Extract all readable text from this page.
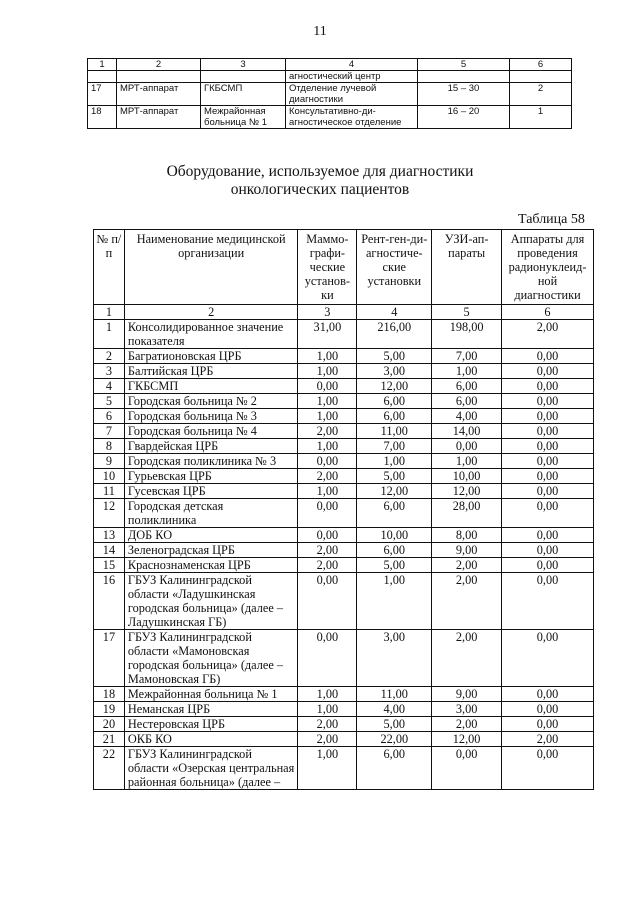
11
1	2	3	4	5	6
			агностический центр		
17	МРТ-аппарат	ГКБСМП	Отделение лучевой диагностики	15 – 30	2
18	МРТ-аппарат	Межрайонная больница № 1	Консультативно-ди-агностическое отделение	16 – 20	1
Оборудование, используемое для диагностики
онкологических пациентов
Таблица 58
№ п/п	Наименование медицинской организации	Маммо-графи-ческие установ-ки	Рент-ген-ди-агностиче-ские установки	УЗИ-ап-параты	Аппараты для проведения радионуклеид-ной диагностики
1	2	3	4	5	6
1	Консолидированное значение показателя	31,00	216,00	198,00	2,00
2	Багратионовская ЦРБ	1,00	5,00	7,00	0,00
3	Балтийская ЦРБ	1,00	3,00	1,00	0,00
4	ГКБСМП	0,00	12,00	6,00	0,00
5	Городская больница № 2	1,00	6,00	6,00	0,00
6	Городская больница № 3	1,00	6,00	4,00	0,00
7	Городская больница № 4	2,00	11,00	14,00	0,00
8	Гвардейская ЦРБ	1,00	7,00	0,00	0,00
9	Городская поликлиника № 3	0,00	1,00	1,00	0,00
10	Гурьевская ЦРБ	2,00	5,00	10,00	0,00
11	Гусевская ЦРБ	1,00	12,00	12,00	0,00
12	Городская детская поликлиника	0,00	6,00	28,00	0,00
13	ДОБ КО	0,00	10,00	8,00	0,00
14	Зеленоградская ЦРБ	2,00	6,00	9,00	0,00
15	Краснознаменская ЦРБ	2,00	5,00	2,00	0,00
16	ГБУЗ Калининградской области «Ладушкинская городская больница» (далее – Ладушкинская ГБ)	0,00	1,00	2,00	0,00
17	ГБУЗ Калининградской области «Мамоновская городская больница» (далее – Мамоновская ГБ)	0,00	3,00	2,00	0,00
18	Межрайонная больница № 1	1,00	11,00	9,00	0,00
19	Неманская ЦРБ	1,00	4,00	3,00	0,00
20	Нестеровская ЦРБ	2,00	5,00	2,00	0,00
21	ОКБ КО	2,00	22,00	12,00	2,00
22	ГБУЗ Калининградской области «Озерская центральная районная больница» (далее –	1,00	6,00	0,00	0,00
